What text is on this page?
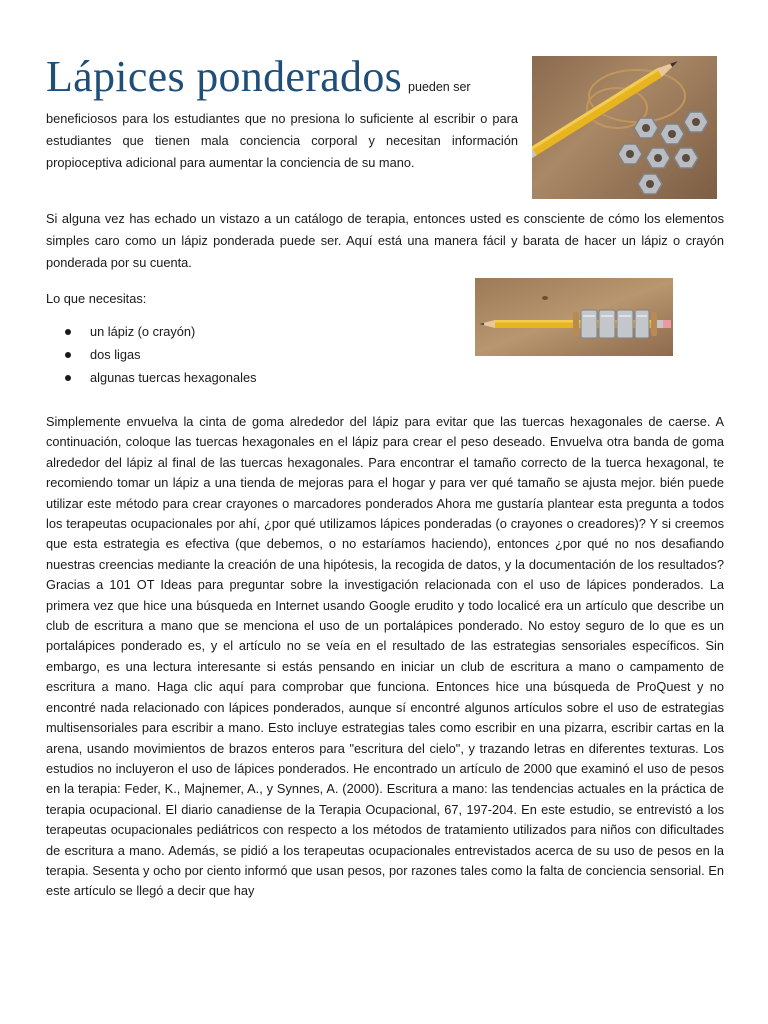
Lápices ponderados pueden ser

beneficiosos para los estudiantes que no presiona lo suficiente al escribir o para estudiantes que tienen mala conciencia corporal y necesitan información propioceptiva adicional para aumentar la conciencia de su mano.

Si alguna vez has echado un vistazo a un catálogo de terapia, entonces usted es consciente de cómo los elementos simples caro como un lápiz ponderada puede ser. Aquí está una manera fácil y barata de hacer un lápiz o crayón ponderada por su cuenta.

Lo que necesitas:

un lápiz (o crayón)
dos ligas
algunas tuercas hexagonales

Simplemente envuelva la cinta de goma alrededor del lápiz para evitar que las tuercas hexagonales de caerse. A continuación, coloque las tuercas hexagonales en el lápiz para crear el peso deseado. Envuelva otra banda de goma alrededor del lápiz al final de las tuercas hexagonales. Para encontrar el tamaño correcto de la tuerca hexagonal, te recomiendo tomar un lápiz a una tienda de mejoras para el hogar y para ver qué tamaño se ajusta mejor. bién puede utilizar este método para crear crayones o marcadores ponderados Ahora me gustaría plantear esta pregunta a todos los terapeutas ocupacionales por ahí, ¿por qué utilizamos lápices ponderadas (o crayones o creadores)? Y si creemos que esta estrategia es efectiva (que debemos, o no estaríamos haciendo), entonces ¿por qué no nos desafiando nuestras creencias mediante la creación de una hipótesis, la recogida de datos, y la documentación de los resultados? Gracias a 101 OT Ideas para preguntar sobre la investigación relacionada con el uso de lápices ponderados. La primera vez que hice una búsqueda en Internet usando Google erudito y todo localicé era un artículo que describe un club de escritura a mano que se menciona el uso de un portalápices ponderado. No estoy seguro de lo que es un portalápices ponderado es, y el artículo no se veía en el resultado de las estrategias sensoriales específicos. Sin embargo, es una lectura interesante si estás pensando en iniciar un club de escritura a mano o campamento de escritura a mano. Haga clic aquí para comprobar que funciona. Entonces hice una búsqueda de ProQuest y no encontré nada relacionado con lápices ponderados, aunque sí encontré algunos artículos sobre el uso de estrategias multisensoriales para escribir a mano. Esto incluye estrategias tales como escribir en una pizarra, escribir cartas en la arena, usando movimientos de brazos enteros para "escritura del cielo", y trazando letras en diferentes texturas. Los estudios no incluyeron el uso de lápices ponderados. He encontrado un artículo de 2000 que examinó el uso de pesos en la terapia: Feder, K., Majnemer, A., y Synnes, A. (2000). Escritura a mano: las tendencias actuales en la práctica de terapia ocupacional. El diario canadiense de la Terapia Ocupacional, 67, 197-204. En este estudio, se entrevistó a los terapeutas ocupacionales pediátricos con respecto a los métodos de tratamiento utilizados para niños con dificultades de escritura a mano. Además, se pidió a los terapeutas ocupacionales entrevistados acerca de su uso de pesos en la terapia. Sesenta y ocho por ciento informó que usan pesos, por razones tales como la falta de conciencia sensorial. En este artículo se llegó a decir que hay
